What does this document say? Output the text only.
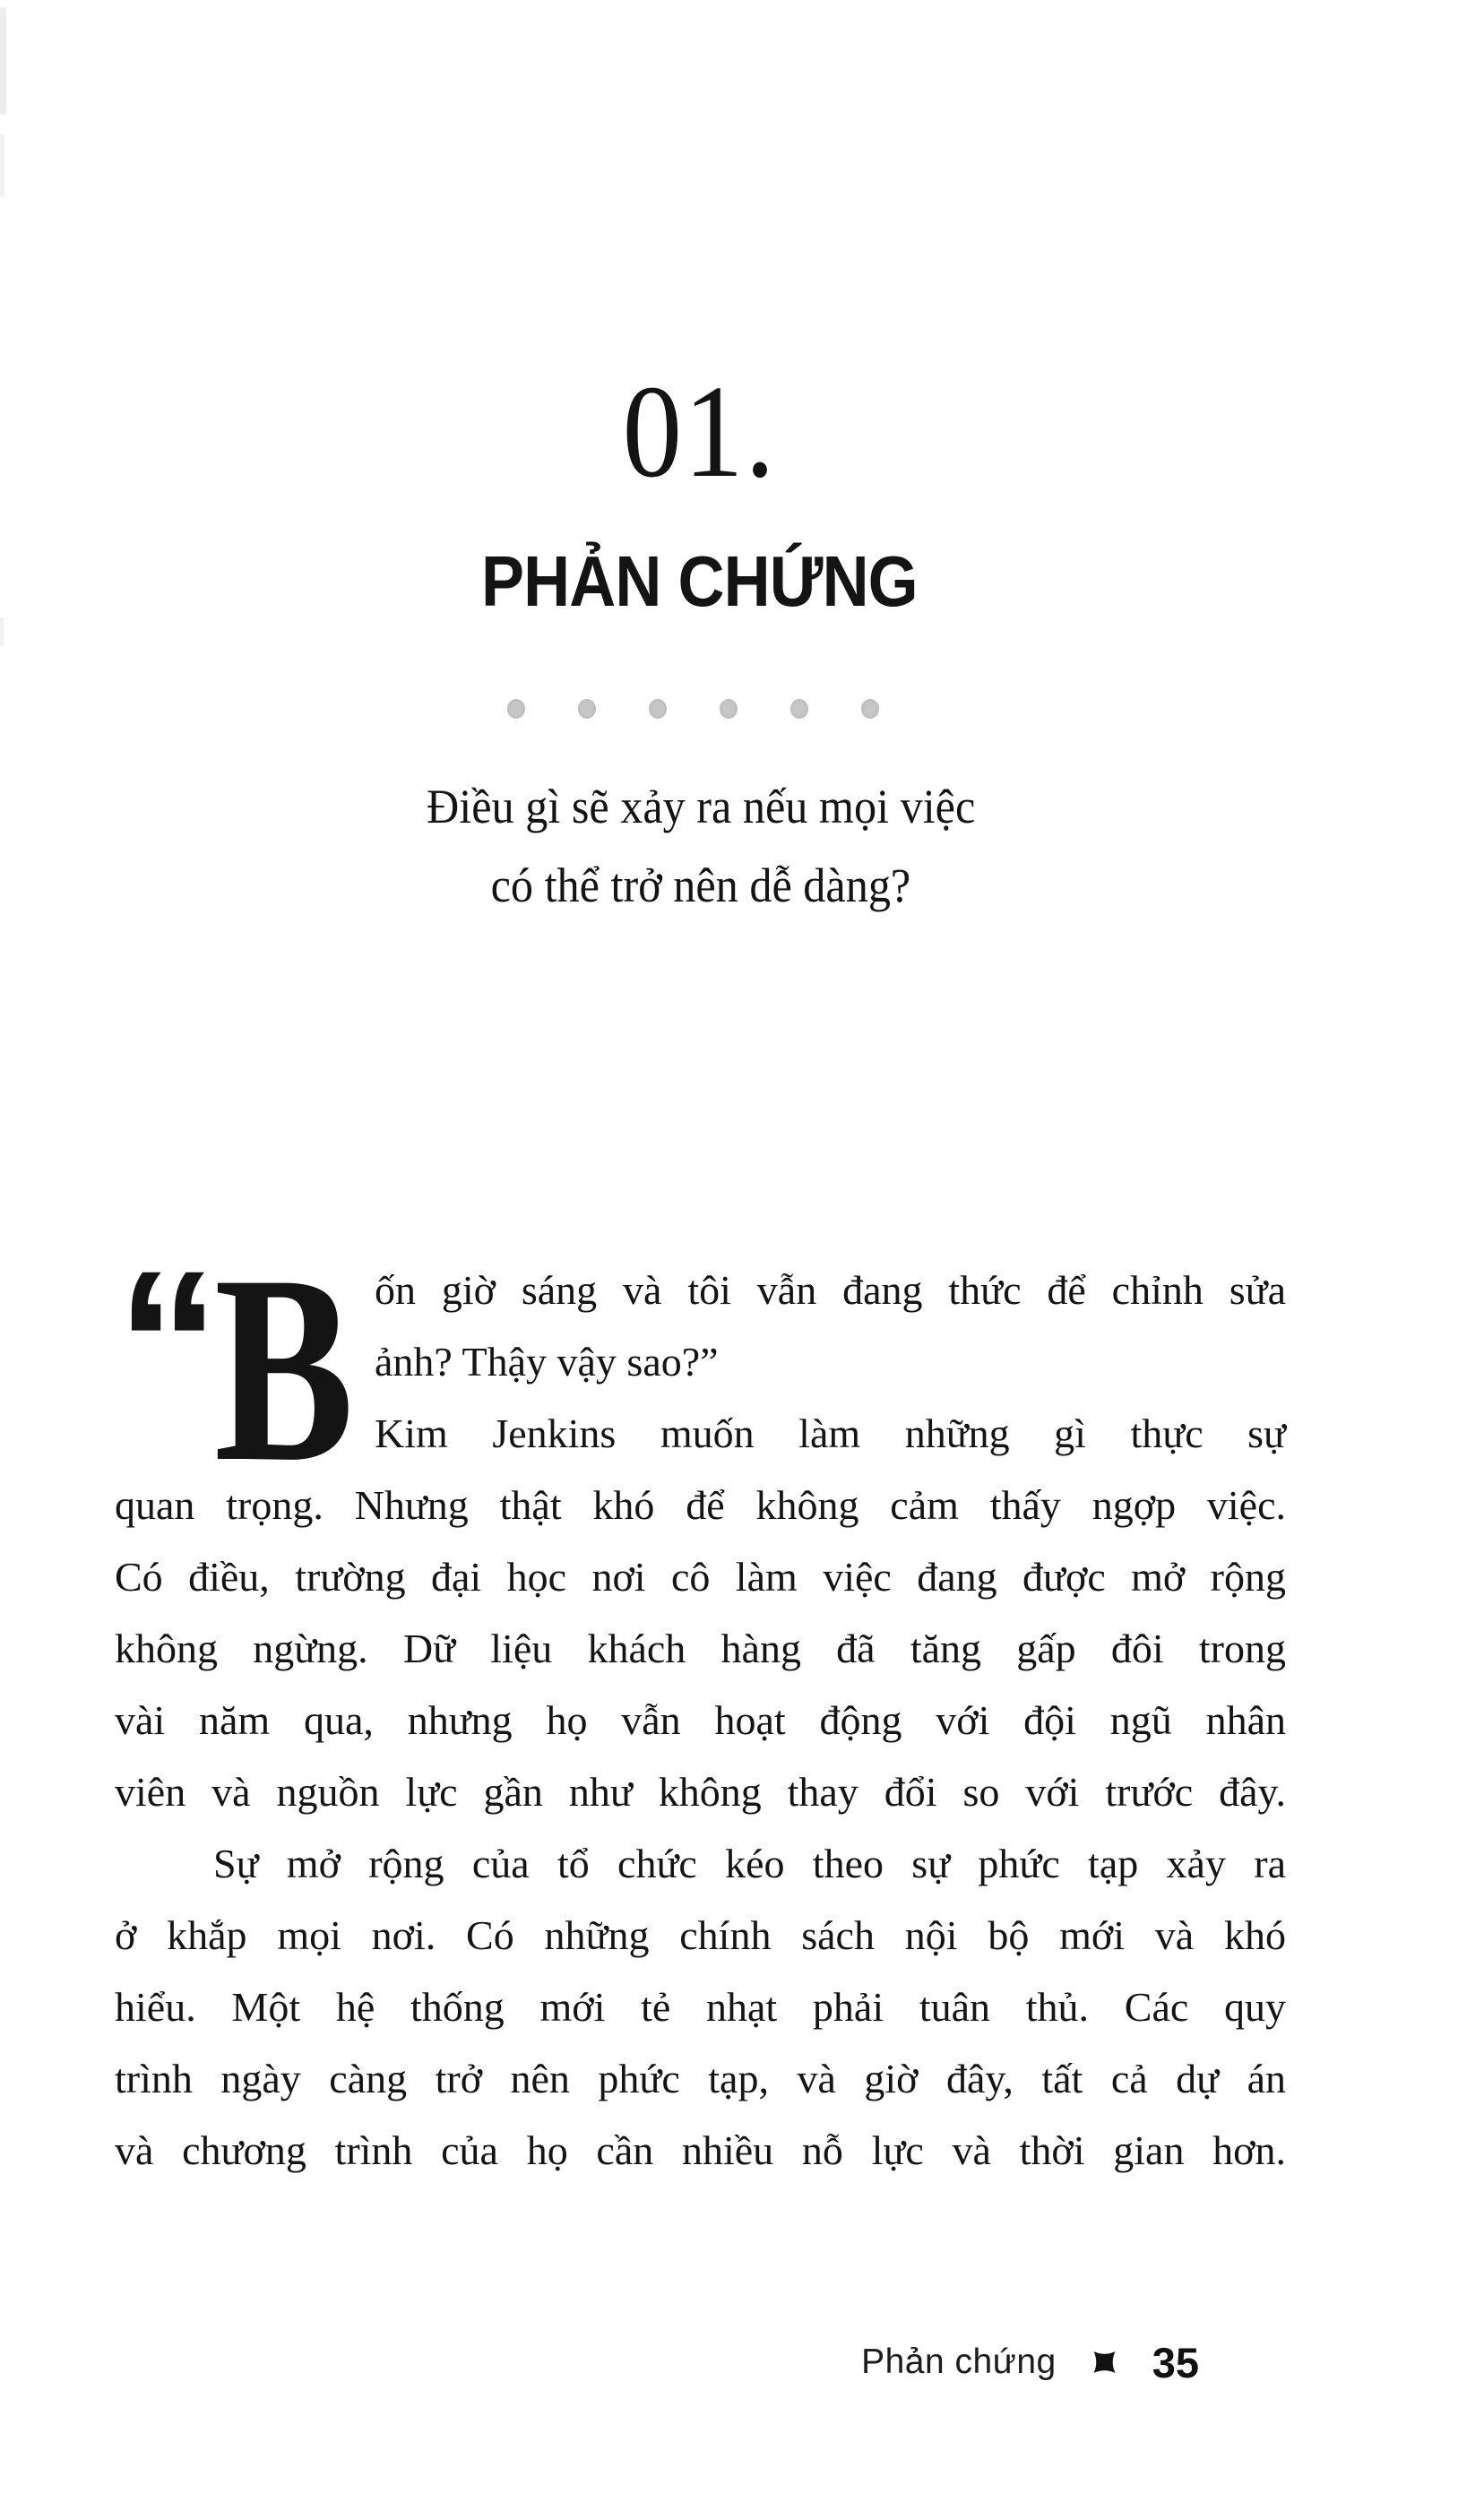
01.
PHẢN CHỨNG
Điều gì sẽ xảy ra nếu mọi việc
có thể trở nên dễ dàng?
“ B ốn giờ sáng và tôi vẫn đang thức để chỉnh sửa
ảnh? Thậy vậy sao?”
Kim Jenkins muốn làm những gì thực sự
quan trọng. Nhưng thật khó để không cảm thấy ngợp việc.
Có điều, trường đại học nơi cô làm việc đang được mở rộng
không ngừng. Dữ liệu khách hàng đã tăng gấp đôi trong
vài năm qua, nhưng họ vẫn hoạt động với đội ngũ nhân
viên và nguồn lực gần như không thay đổi so với trước đây.
Sự mở rộng của tổ chức kéo theo sự phức tạp xảy ra
ở khắp mọi nơi. Có những chính sách nội bộ mới và khó
hiểu. Một hệ thống mới tẻ nhạt phải tuân thủ. Các quy
trình ngày càng trở nên phức tạp, và giờ đây, tất cả dự án
và chương trình của họ cần nhiều nỗ lực và thời gian hơn.
Phản chứng 35
